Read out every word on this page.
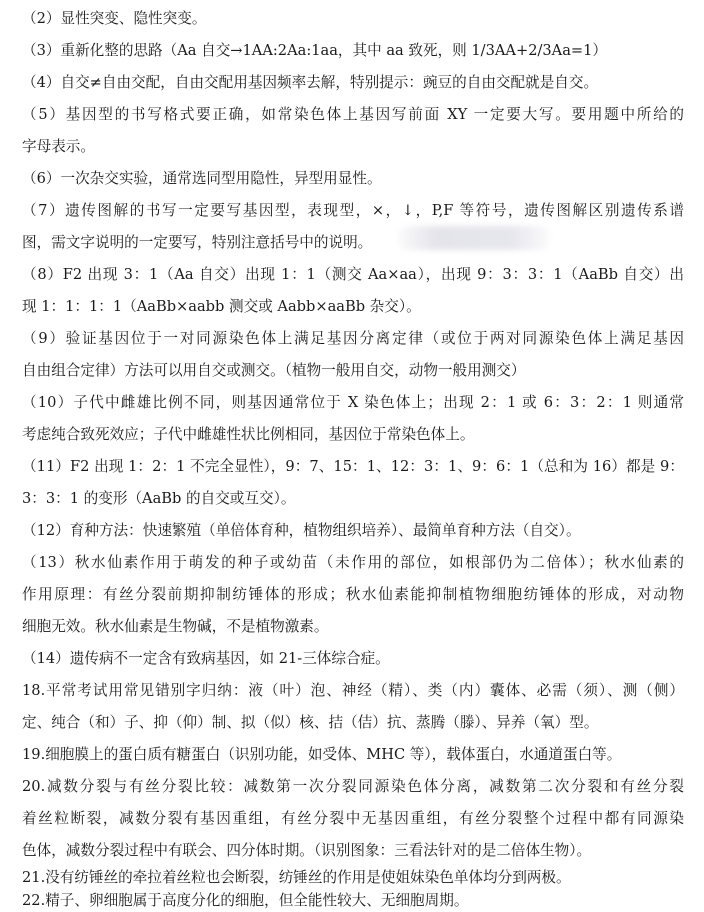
（2）显性突变、隐性突变。
（3）重新化整的思路（Aa 自交→1AA:2Aa:1aa，其中 aa 致死，则 1/3AA+2/3Aa=1）
（4）自交≠自由交配，自由交配用基因频率去解，特别提示：豌豆的自由交配就是自交。
（5）基因型的书写格式要正确，如常染色体上基因写前面 XY 一定要大写。要用题中所给的
字母表示。
（6）一次杂交实验，通常选同型用隐性，异型用显性。
（7）遗传图解的书写一定要写基因型，表现型，×，↓，P,F 等符号，遗传图解区别遗传系谱
图，需文字说明的一定要写，特别注意括号中的说明。
（8）F2 出现 3：1（Aa 自交）出现 1：1（测交 Aa×aa），出现 9：3：3：1（AaBb 自交）出
现 1：1：1：1（AaBb×aabb 测交或 Aabb×aaBb 杂交）。
（9）验证基因位于一对同源染色体上满足基因分离定律（或位于两对同源染色体上满足基因
自由组合定律）方法可以用自交或测交。（植物一般用自交，动物一般用测交）
（10）子代中雌雄比例不同，则基因通常位于 X 染色体上；出现 2：1 或 6：3：2：1 则通常
考虑纯合致死效应；子代中雌雄性状比例相同，基因位于常染色体上。
（11）F2 出现 1：2：1 不完全显性），9：7、15：1、12：3：1、9：6：1（总和为 16）都是 9：
3：3：1 的变形（AaBb 的自交或互交）。
（12）育种方法：快速繁殖（单倍体育种，植物组织培养）、最简单育种方法（自交）。
（13）秋水仙素作用于萌发的种子或幼苗（未作用的部位，如根部仍为二倍体）；秋水仙素的
作用原理：有丝分裂前期抑制纺锤体的形成；秋水仙素能抑制植物细胞纺锤体的形成，对动物
细胞无效。秋水仙素是生物碱，不是植物激素。
（14）遗传病不一定含有致病基因，如 21-三体综合症。
18.平常考试用常见错别字归纳：液（叶）泡、神经（精）、类（内）囊体、必需（须）、测（侧）
定、纯合（和）子、抑（仰）制、拟（似）核、拮（佶）抗、蒸腾（滕）、异养（氧）型。
19.细胞膜上的蛋白质有糖蛋白（识别功能，如受体、MHC 等），载体蛋白，水通道蛋白等。
20.减数分裂与有丝分裂比较：减数第一次分裂同源染色体分离，减数第二次分裂和有丝分裂
着丝粒断裂，减数分裂有基因重组，有丝分裂中无基因重组，有丝分裂整个过程中都有同源染
色体，减数分裂过程中有联会、四分体时期。（识别图象：三看法针对的是二倍体生物）。
21.没有纺锤丝的牵拉着丝粒也会断裂，纺锤丝的作用是使姐妹染色单体均分到两极。
22.精子、卵细胞属于高度分化的细胞，但全能性较大、无细胞周期。
